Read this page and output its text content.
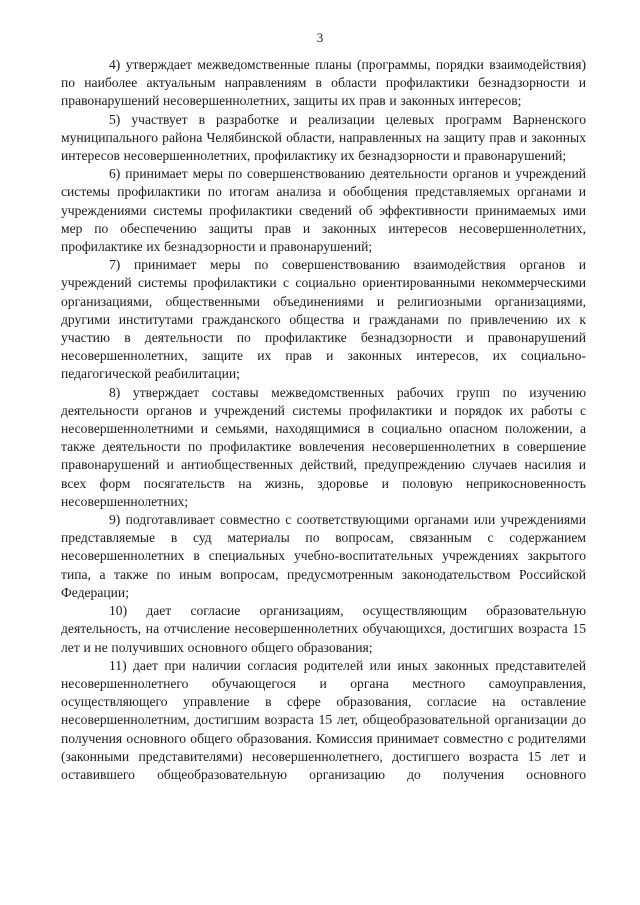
3

4) утверждает межведомственные планы (программы, порядки взаимодействия) по наиболее актуальным направлениям в области профилактики безнадзорности и правонарушений несовершеннолетних, защиты их прав и законных интересов;

5) участвует в разработке и реализации целевых программ Варненского муниципального района Челябинской области, направленных на защиту прав и законных интересов несовершеннолетних, профилактику их безнадзорности и правонарушений;

6) принимает меры по совершенствованию деятельности органов и учреждений системы профилактики по итогам анализа и обобщения представляемых органами и учреждениями системы профилактики сведений об эффективности принимаемых ими мер по обеспечению защиты прав и законных интересов несовершеннолетних, профилактике их безнадзорности и правонарушений;

7) принимает меры по совершенствованию взаимодействия органов и учреждений системы профилактики с социально ориентированными некоммерческими организациями, общественными объединениями и религиозными организациями, другими институтами гражданского общества и гражданами по привлечению их к участию в деятельности по профилактике безнадзорности и правонарушений несовершеннолетних, защите их прав и законных интересов, их социально-педагогической реабилитации;

8) утверждает составы межведомственных рабочих групп по изучению деятельности органов и учреждений системы профилактики и порядок их работы с несовершеннолетними и семьями, находящимися в социально опасном положении, а также деятельности по профилактике вовлечения несовершеннолетних в совершение правонарушений и антиобщественных действий, предупреждению случаев насилия и всех форм посягательств на жизнь, здоровье и половую неприкосновенность несовершеннолетних;

9) подготавливает совместно с соответствующими органами или учреждениями представляемые в суд материалы по вопросам, связанным с содержанием несовершеннолетних в специальных учебно-воспитательных учреждениях закрытого типа, а также по иным вопросам, предусмотренным законодательством Российской Федерации;

10) дает согласие организациям, осуществляющим образовательную деятельность, на отчисление несовершеннолетних обучающихся, достигших возраста 15 лет и не получивших основного общего образования;

11) дает при наличии согласия родителей или иных законных представителей несовершеннолетнего обучающегося и органа местного самоуправления, осуществляющего управление в сфере образования, согласие на оставление несовершеннолетним, достигшим возраста 15 лет, общеобразовательной организации до получения основного общего образования. Комиссия принимает совместно с родителями (законными представителями) несовершеннолетнего, достигшего возраста 15 лет и оставившего общеобразовательную организацию до получения основного
